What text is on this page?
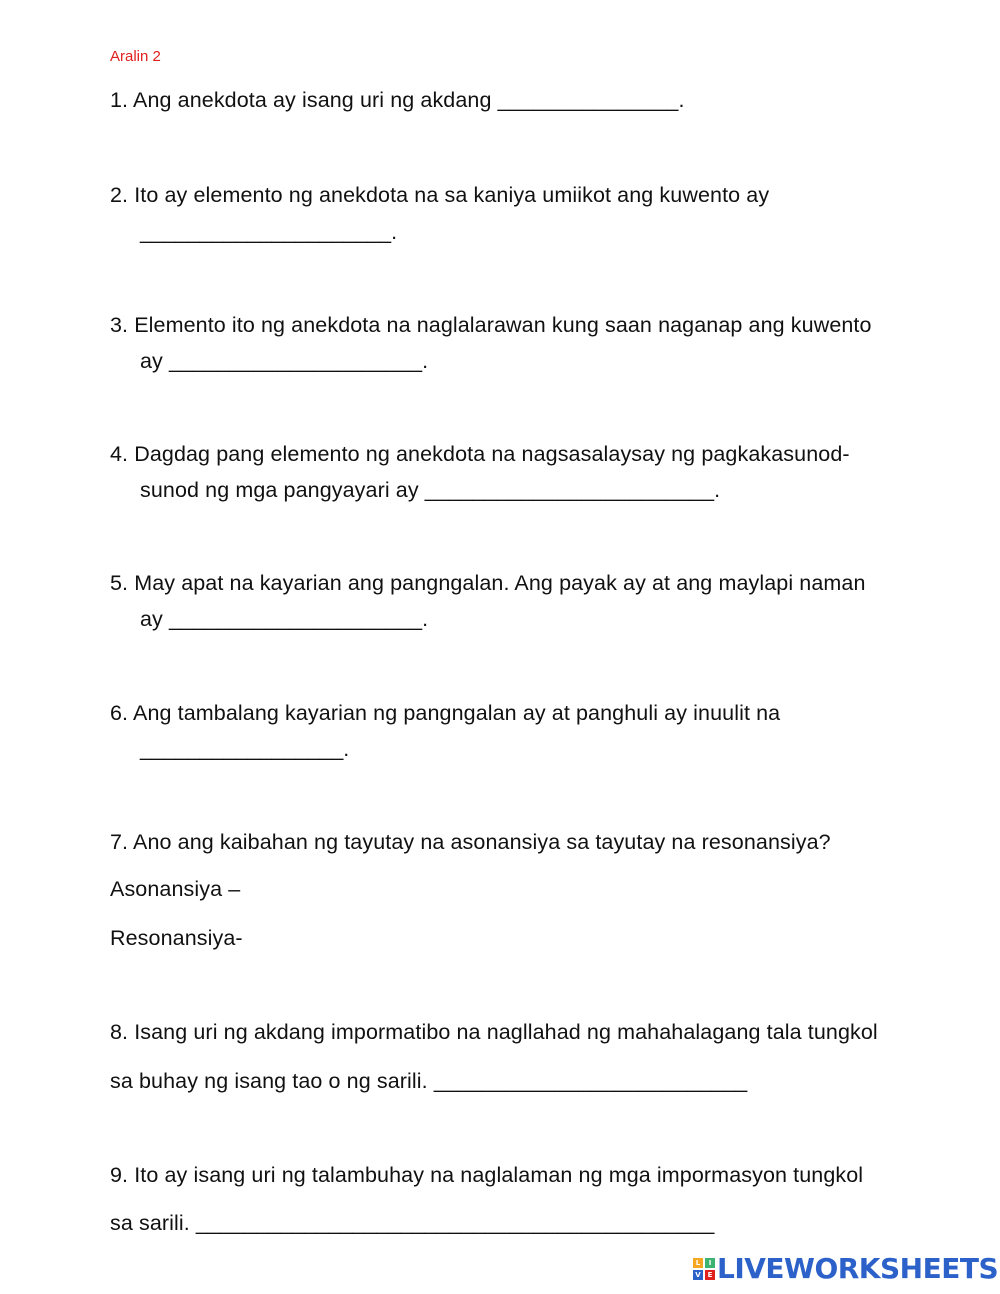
Aralin 2
1. Ang anekdota ay isang uri ng akdang _______________.
2. Ito ay elemento ng anekdota na sa kaniya umiikot ang kuwento ay
_____________________.
3. Elemento ito ng anekdota na naglalarawan kung saan naganap ang kuwento
ay _____________________.
4. Dagdag pang elemento ng anekdota na nagsasalaysay ng pagkakasunod-
sunod ng mga pangyayari ay ________________________.
5. May apat na kayarian ang pangngalan. Ang payak ay at ang maylapi naman
ay _____________________.
6. Ang tambalang kayarian ng pangngalan ay at panghuli ay inuulit na
_________________.
7. Ano ang kaibahan ng tayutay na asonansiya sa tayutay na resonansiya?
Asonansiya –
Resonansiya-
8. Isang uri ng akdang impormatibo na nagllahad ng mahahalagang tala tungkol
sa buhay ng isang tao o ng sarili. __________________________
9. Ito ay isang uri ng talambuhay na naglalaman ng mga impormasyon tungkol
sa sarili. ___________________________________________
L	I
V E LIVEWORKSHEETS
